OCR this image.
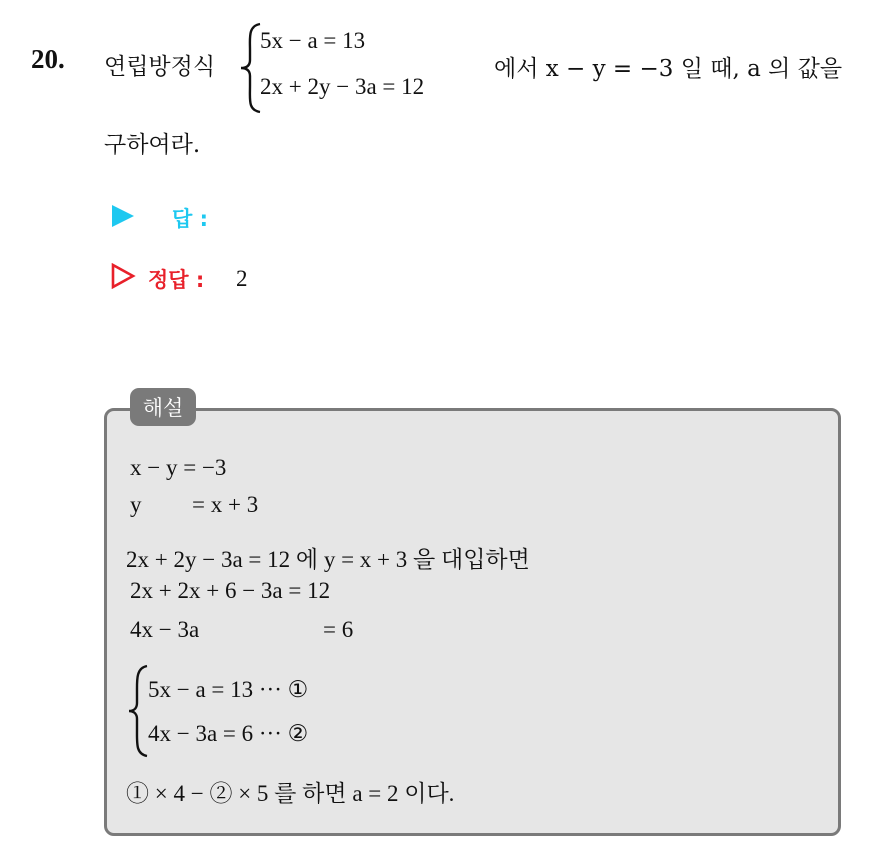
20. 연립방정식
5x − a = 13
2x + 2y − 3a = 12
에서 x − y = −3 일 때, a 의 값을
구하여라.
답 :
정답 : 2
해설
x − y = −3
y = x + 3
2x + 2y − 3a = 12 에 y = x + 3 을 대입하면
2x + 2x + 6 − 3a = 12
4x − 3a	= 6
5x − a = 13 ··· ①
4x − 3a = 6 ··· ②
① × 4 − ② × 5 를 하면 a = 2 이다.
